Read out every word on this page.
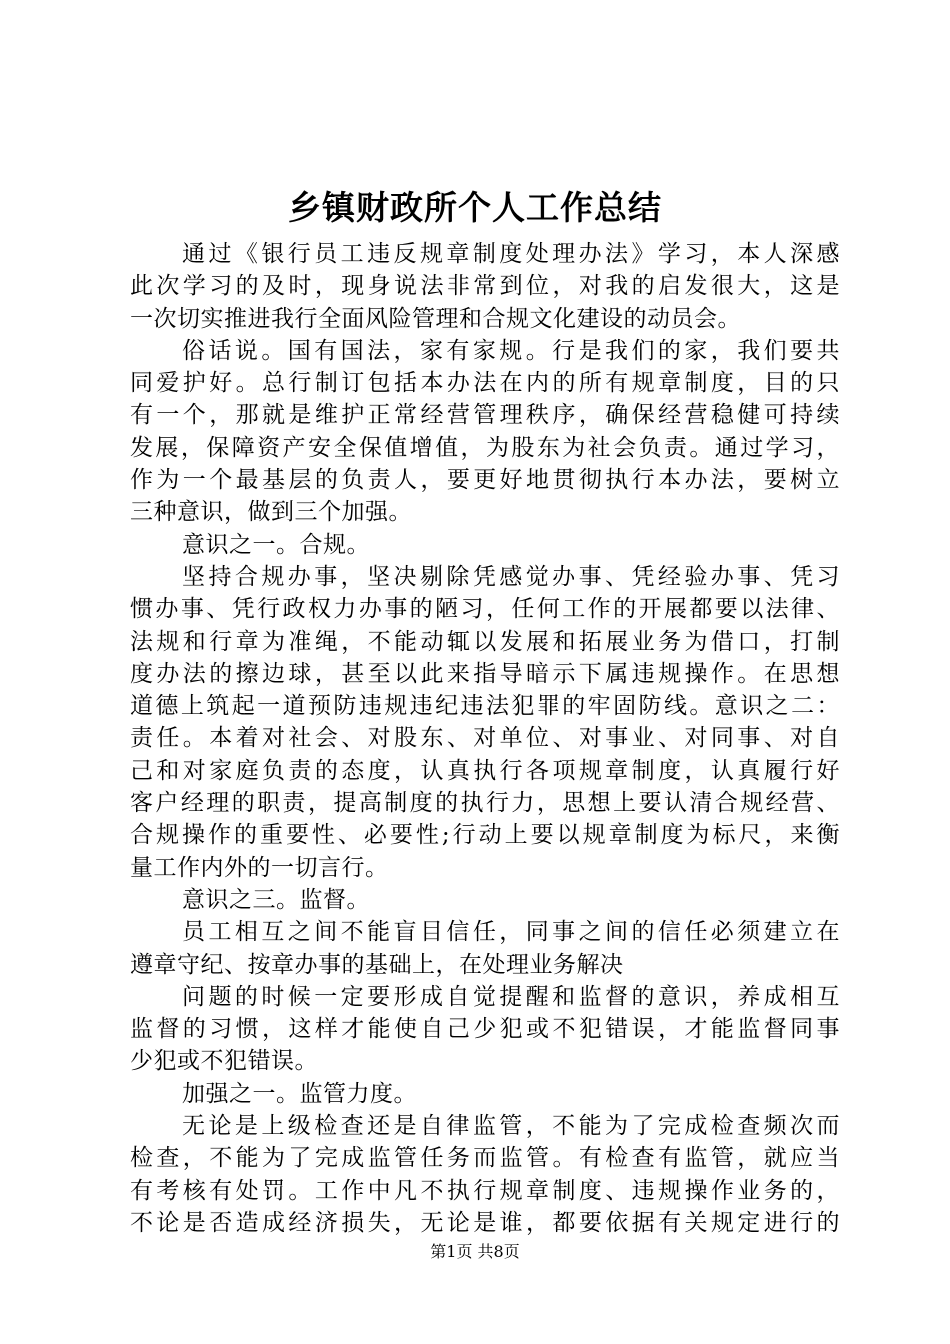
乡镇财政所个人工作总结
通过《银行员工违反规章制度处理办法》学习，本人深感
此次学习的及时，现身说法非常到位，对我的启发很大，这是
一次切实推进我行全面风险管理和合规文化建设的动员会。
俗话说。国有国法，家有家规。行是我们的家，我们要共
同爱护好。总行制订包括本办法在内的所有规章制度，目的只
有一个，那就是维护正常经营管理秩序，确保经营稳健可持续
发展，保障资产安全保值增值，为股东为社会负责。通过学习，
作为一个最基层的负责人，要更好地贯彻执行本办法，要树立
三种意识，做到三个加强。
意识之一。合规。
坚持合规办事，坚决剔除凭感觉办事、凭经验办事、凭习
惯办事、凭行政权力办事的陋习，任何工作的开展都要以法律、
法规和行章为准绳，不能动辄以发展和拓展业务为借口，打制
度办法的擦边球，甚至以此来指导暗示下属违规操作。在思想
道德上筑起一道预防违规违纪违法犯罪的牢固防线。意识之二：
责任。本着对社会、对股东、对单位、对事业、对同事、对自
己和对家庭负责的态度，认真执行各项规章制度，认真履行好
客户经理的职责，提高制度的执行力，思想上要认清合规经营、
合规操作的重要性、必要性;行动上要以规章制度为标尺，来衡
量工作内外的一切言行。
意识之三。监督。
员工相互之间不能盲目信任，同事之间的信任必须建立在
遵章守纪、按章办事的基础上，在处理业务解决
问题的时候一定要形成自觉提醒和监督的意识，养成相互
监督的习惯，这样才能使自己少犯或不犯错误，才能监督同事
少犯或不犯错误。
加强之一。监管力度。
无论是上级检查还是自律监管，不能为了完成检查频次而
检查，不能为了完成监管任务而监管。有检查有监管，就应当
有考核有处罚。工作中凡不执行规章制度、违规操作业务的，
不论是否造成经济损失，无论是谁，都要依据有关规定进行的
第1页 共8页
